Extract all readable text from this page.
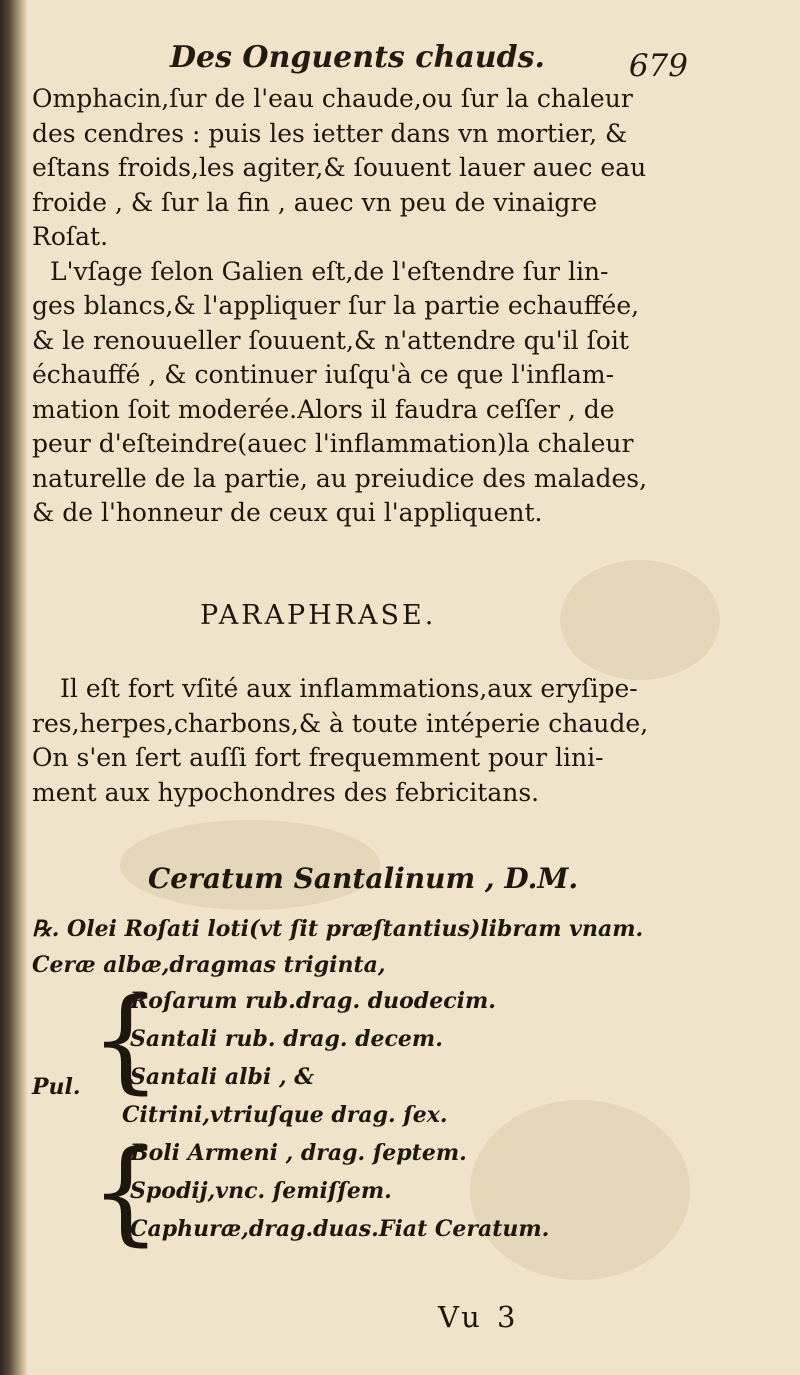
Des Onguents chauds.	679
Omphacin,ſur de l'eau chaude,ou ſur la chaleur
des cendres : puis les ietter dans vn mortier, &
eſtans froids,les agiter,& ſouuent lauer auec eau
froide , & ſur la fin , auec vn peu de vinaigre
Roſat.
L'vſage ſelon Galien eſt,de l'eſtendre ſur lin-
ges blancs,& l'appliquer ſur la partie echauffée,
& le renouueller ſouuent,& n'attendre qu'il ſoit
échauffé , & continuer iuſqu'à ce que l'inflam-
mation ſoit moderée.Alors il faudra ceſſer , de
peur d'eſteindre(auec l'inflammation)la chaleur
naturelle de la partie, au preiudice des malades,
& de l'honneur de ceux qui l'appliquent.
PARAPHRASE.
Il eſt fort vſité aux inflammations,aux eryſipe-
res,herpes,charbons,& à toute intéperie chaude,
On s'en ſert auſſi fort frequemment pour lini-
ment aux hypochondres des febricitans.
Ceratum Santalinum , D.M.
℞. Olei Roſati loti(vt ſit præſtantius)libram vnam.
Ceræ albæ,dragmas triginta,
{
Roſarum rub.drag. duodecim.
Santali rub. drag. decem.
Santali albi , &
Pul.
Citrini,vtriuſque drag. ſex.
{
Boli Armeni , drag. ſeptem.
Spodij,vnc. ſemiſſem.
Caphuræ,drag.duas.Fiat Ceratum.
Vu 3
